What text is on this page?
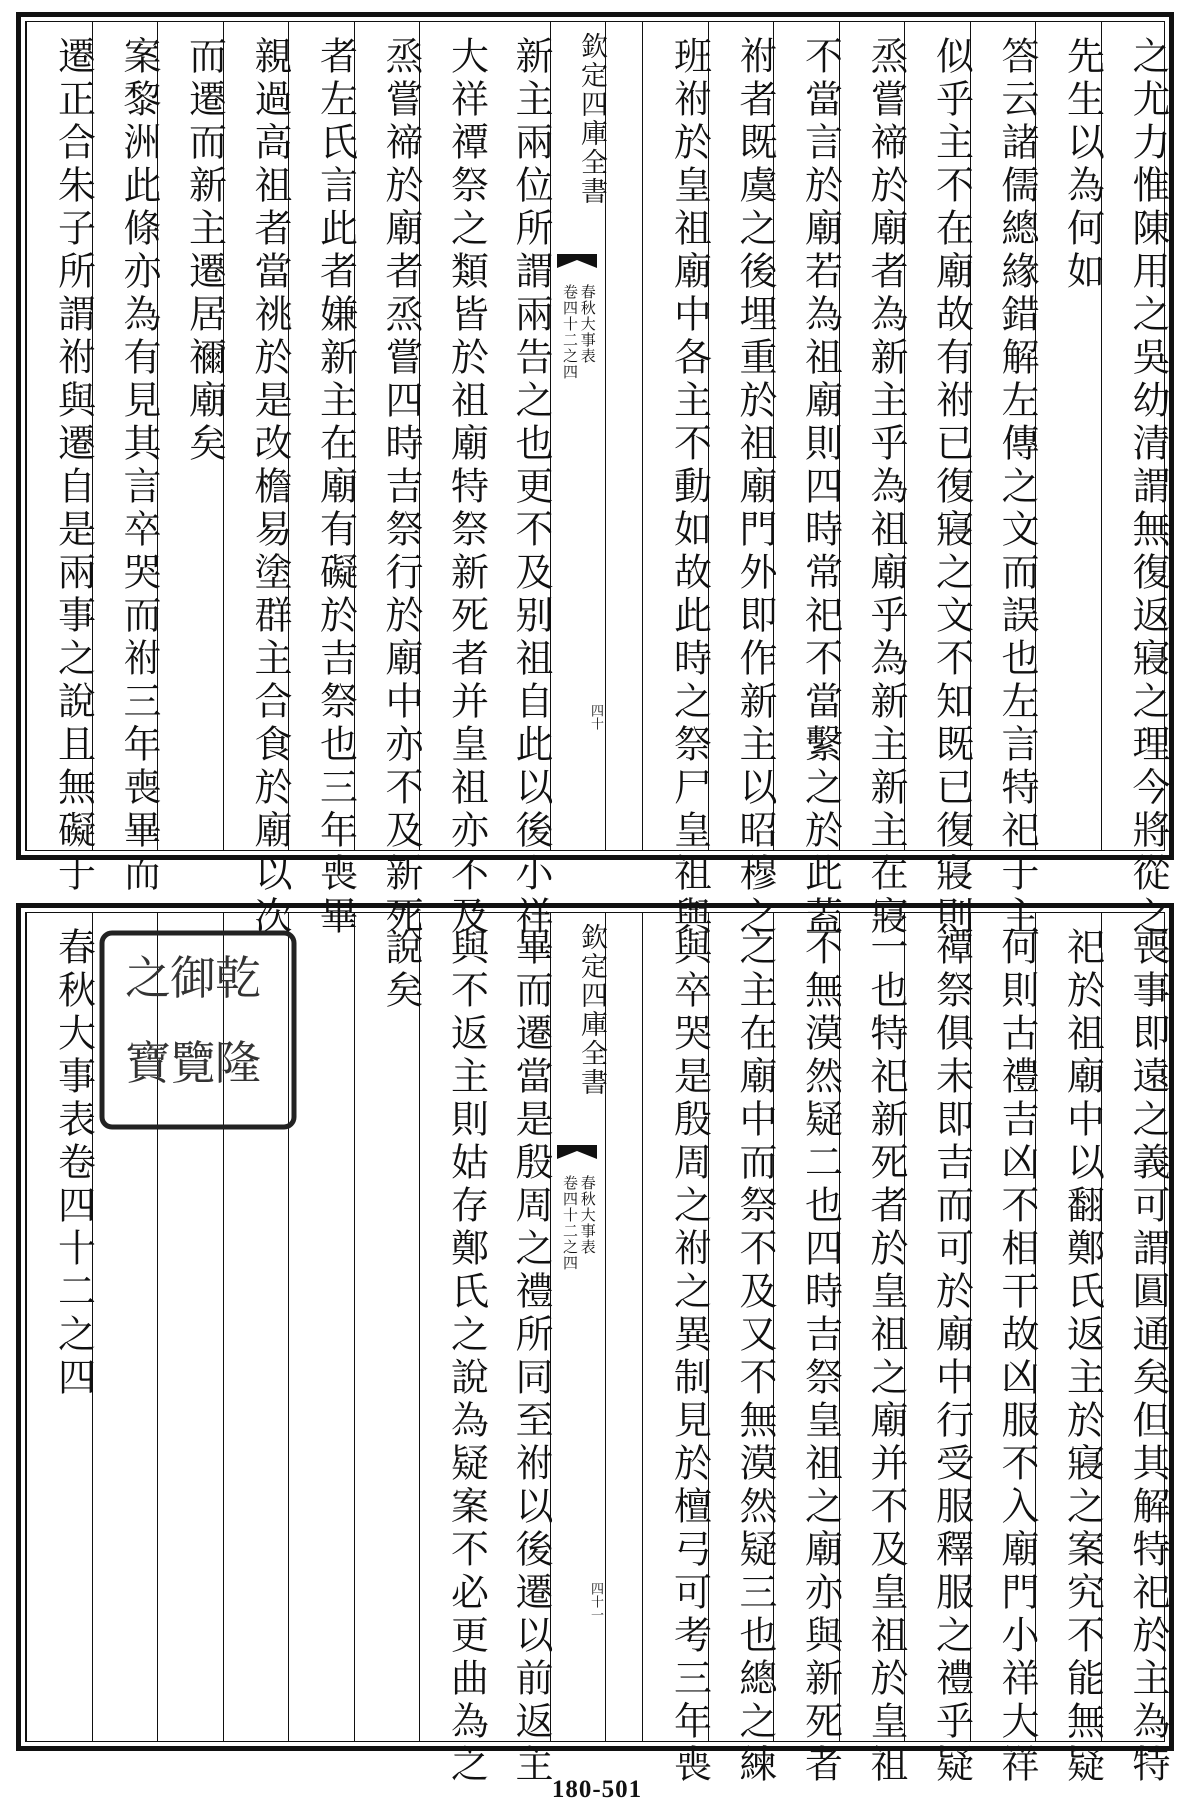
新主兩位所謂兩告之也更不及别祖自此以後小祥
大祥禫祭之類皆於祖廟特祭新死者并皇祖亦不及
烝嘗禘於廟者烝嘗四時吉祭行於廟中亦不及新死
者左氏言此者嫌新主在廟有礙於吉祭也三年喪畢
親過高祖者當祧於是改檐易塗群主合食於廟以次
而遷而新主遷居禰廟矣
案黎洲此條亦為有見其言卒哭而祔三年喪畢而
遷正合朱子所謂祔與遷自是兩事之說且無礙于	欽定四庫全書
春秋大事表
卷四十二之四
四十	之尤力惟陳用之吳幼清謂無復返寢之理今將從之
先生以為何如
答云諸儒總緣錯解左傳之文而誤也左言特祀于主
似乎主不在廟故有祔已復寢之文不知既已復寢則
烝嘗禘於廟者為新主乎為祖廟乎為新主新主在寢
不當言於廟若為祖廟則四時常祀不當繫之於此蓋
祔者既虞之後埋重於祖廟門外即作新主以昭穆之
班祔於皇祖廟中各主不動如故此時之祭尸皇祖與
畢而遷當是殷周之禮所同至祔以後遷以前返主
與不返主則姑存鄭氏之說為疑案不必更曲為之
說矣
春秋大事表卷四十二之四	欽定四庫全書
春秋大事表
卷四十二之四
四十一	喪事即遠之義可謂圓通矣但其解特祀於主為特
祀於祖廟中以翻鄭氏返主於寢之案究不能無疑
何則古禮吉凶不相干故凶服不入廟門小祥大祥
禫祭俱未即吉而可於廟中行受服釋服之禮乎疑
一也特祀新死者於皇祖之廟并不及皇祖於皇祖
不無漠然疑二也四時吉祭皇祖之廟亦與新死者
之主在廟中而祭不及又不無漠然疑三也總之練
與卒哭是殷周之祔之異制見於檀弓可考三年喪
乾
隆
御
覽
之
寶
180-501
